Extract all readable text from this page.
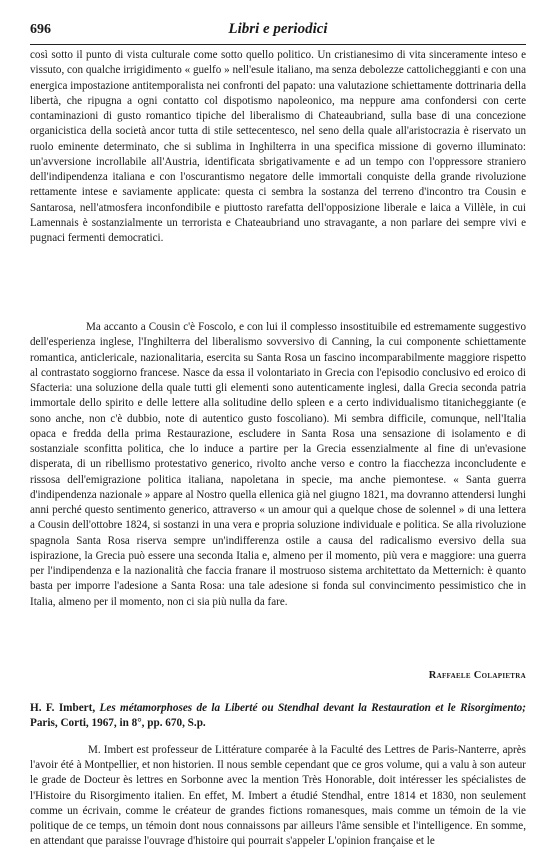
696	Libri e periodici

così sotto il punto di vista culturale come sotto quello politico. Un cristianesimo di vita sinceramente inteso e vissuto, con qualche irrigidimento « guelfo » nell'esule italiano, ma senza debolezze cattolicheggianti e con una energica impostazione antitemporalista nei confronti del papato: una valutazione schiettamente dottrinaria della libertà, che ripugna a ogni contatto col dispotismo napoleonico, ma neppure ama confondersi con certe contaminazioni di gusto romantico tipiche del liberalismo di Chateaubriand, sulla base di una concezione organicistica della società ancor tutta di stile settecentesco, nel seno della quale all'aristocrazia è riservato un ruolo eminente determinato, che si sublima in Inghilterra in una specifica missione di governo illuminato: un'avversione incrollabile all'Austria, identificata sbrigativamente e ad un tempo con l'oppressore straniero dell'indipendenza italiana e con l'oscurantismo negatore delle immortali conquiste della grande rivoluzione rettamente intese e saviamente applicate: questa ci sembra la sostanza del terreno d'incontro tra Cousin e Santarosa, nell'atmosfera inconfondibile e piuttosto rarefatta dell'opposizione liberale e laica a Villèle, in cui Lamennais è sostanzialmente un terrorista e Chateaubriand uno stravagante, a non parlare dei sempre vivi e pugnaci fermenti democratici.

Ma accanto a Cousin c'è Foscolo, e con lui il complesso insostituibile ed estremamente suggestivo dell'esperienza inglese, l'Inghilterra del liberalismo sovversivo di Canning, la cui componente schiettamente romantica, anticlericale, nazionalitaria, esercita su Santa Rosa un fascino incomparabilmente maggiore rispetto al contrastato soggiorno francese. Nasce da essa il volontariato in Grecia con l'episodio conclusivo ed eroico di Sfacteria: una soluzione della quale tutti gli elementi sono autenticamente inglesi, dalla Grecia seconda patria immortale dello spirito e delle lettere alla solitudine dello spleen e a certo individualismo titanicheggiante (e sono anche, non c'è dubbio, note di autentico gusto foscoliano). Mi sembra difficile, comunque, nell'Italia opaca e fredda della prima Restaurazione, escludere in Santa Rosa una sensazione di isolamento e di sostanziale sconfitta politica, che lo induce a partire per la Grecia essenzialmente al fine di un'evasione disperata, di un ribellismo protestativo generico, rivolto anche verso e contro la fiacchezza inconcludente e rissosa dell'emigrazione politica italiana, napoletana in specie, ma anche piemontese. « Santa guerra d'indipendenza nazionale » appare al Nostro quella ellenica già nel giugno 1821, ma dovranno attendersi lunghi anni perché questo sentimento generico, attraverso « un amour qui a quelque chose de solennel » di una lettera a Cousin dell'ottobre 1824, si sostanzi in una vera e propria soluzione individuale e politica. Se alla rivoluzione spagnola Santa Rosa riserva sempre un'indifferenza ostile a causa del radicalismo eversivo della sua ispirazione, la Grecia può essere una seconda Italia e, almeno per il momento, più vera e maggiore: una guerra per l'indipendenza e la nazionalità che faccia franare il mostruoso sistema architettato da Metternich: è quanto basta per imporre l'adesione a Santa Rosa: una tale adesione si fonda sul convincimento pessimistico che in Italia, almeno per il momento, non ci sia più nulla da fare.

Raffaele Colapietra

H. F. Imbert, Les métamorphoses de la Liberté ou Stendhal devant la Restauration et le Risorgimento; Paris, Corti, 1967, in 8°, pp. 670, S.p.

M. Imbert est professeur de Littérature comparée à la Faculté des Lettres de Paris-Nanterre, après l'avoir été à Montpellier, et non historien. Il nous semble cependant que ce gros volume, qui a valu à son auteur le grade de Docteur ès lettres en Sorbonne avec la mention Très Honorable, doit intéresser les spécialistes de l'Histoire du Risorgimento italien. En effet, M. Imbert a étudié Stendhal, entre 1814 et 1830, non seulement comme un écrivain, comme le créateur de grandes fictions romanesques, mais comme un témoin de la vie politique de ce temps, un témoin dont nous connaissons par ailleurs l'âme sensible et l'intelligence. En somme, en attendant que paraisse l'ouvrage d'histoire qui pourrait s'appeler L'opinion française et le
